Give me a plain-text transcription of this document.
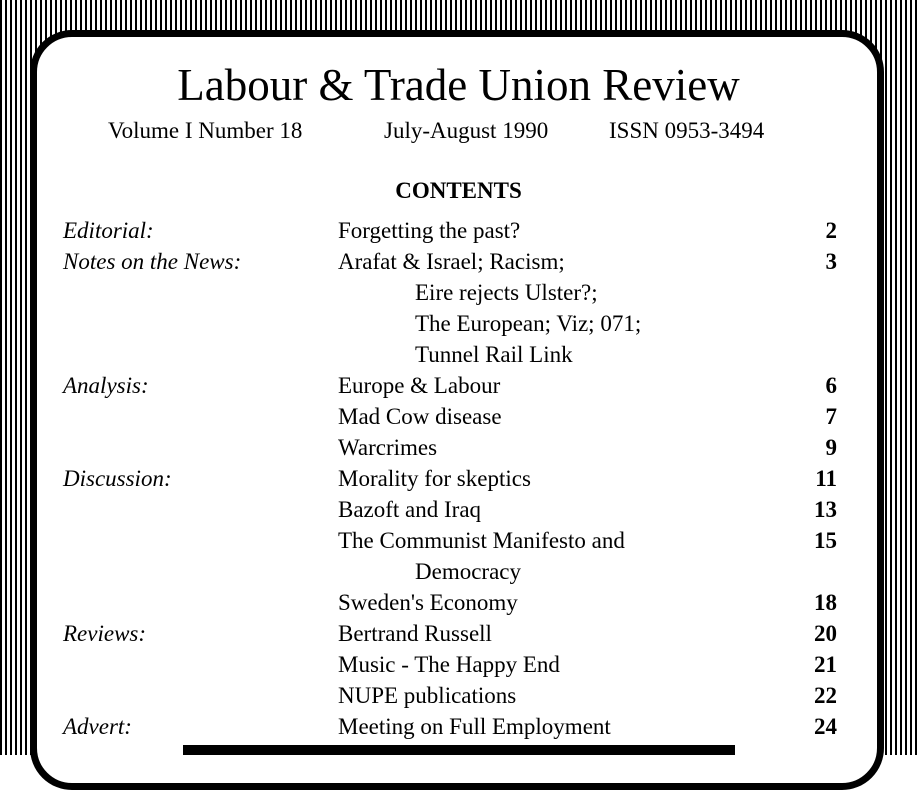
Labour & Trade Union Review
Volume I Number 18	July-August 1990	ISSN 0953-3494
CONTENTS
Editorial:	Forgetting the past?	2
Notes on the News:	Arafat & Israel; Racism;	3
Eire rejects Ulster?;
The European; Viz; 071;
Tunnel Rail Link
Analysis:	Europe & Labour	6
Mad Cow disease	7
Warcrimes	9
Discussion:	Morality for skeptics	11
Bazoft and Iraq	13
The Communist Manifesto and	15
Democracy
Sweden's Economy	18
Reviews:	Bertrand Russell	20
Music - The Happy End	21
NUPE publications	22
Advert:	Meeting on Full Employment	24
